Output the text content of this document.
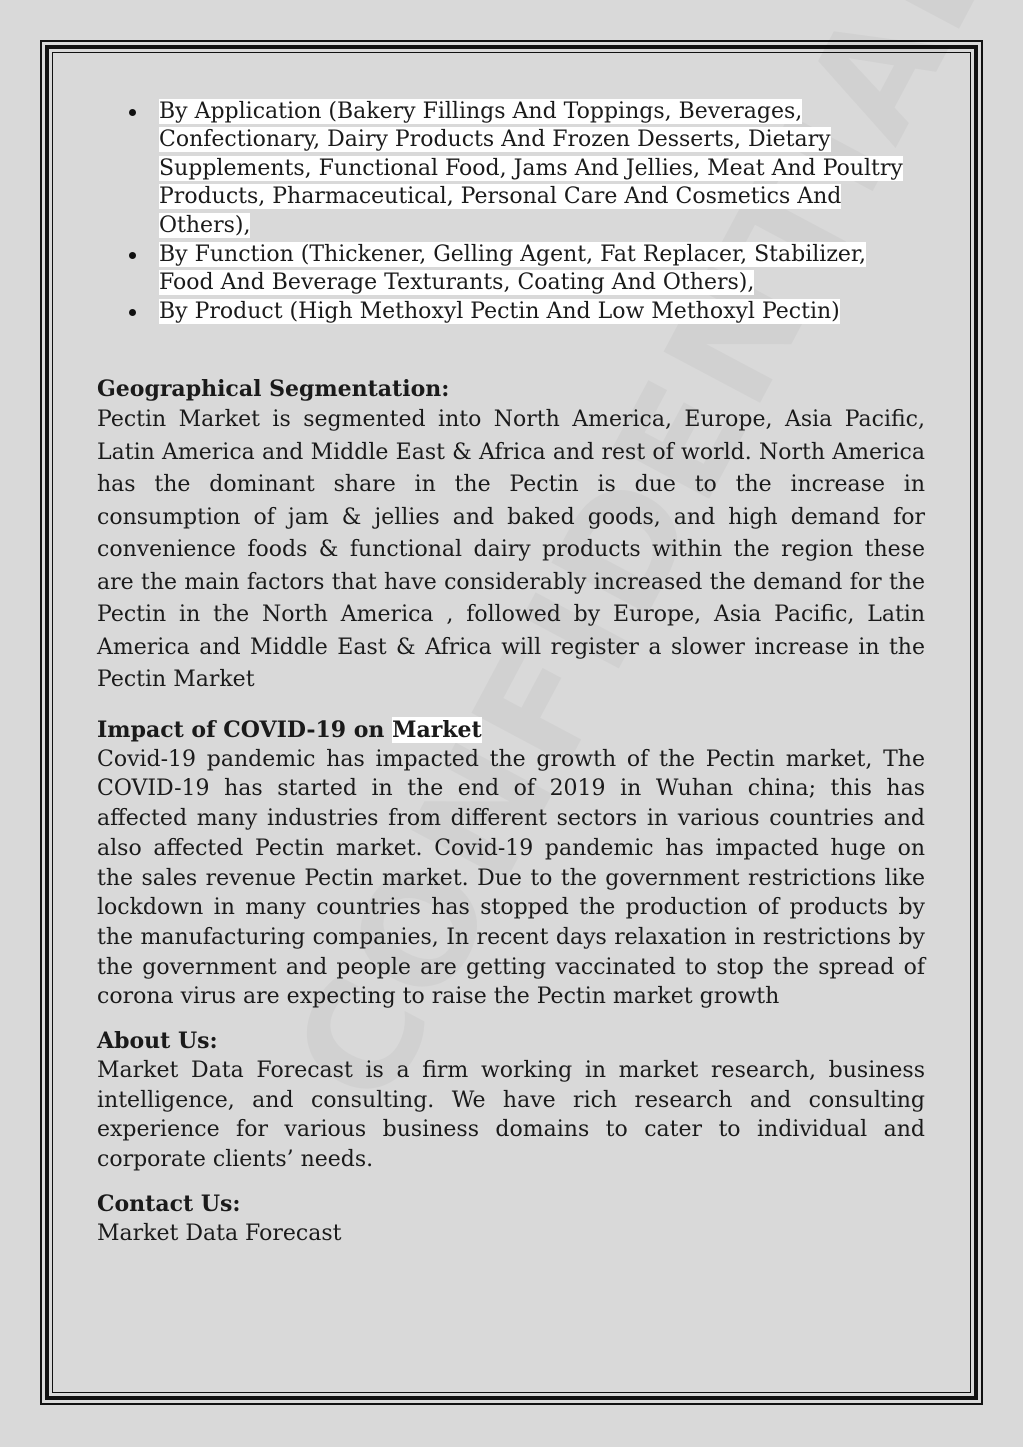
By Application (Bakery Fillings And Toppings, Beverages, Confectionary, Dairy Products And Frozen Desserts, Dietary Supplements, Functional Food, Jams And Jellies, Meat And Poultry Products, Pharmaceutical, Personal Care And Cosmetics And Others),
By Function (Thickener, Gelling Agent, Fat Replacer, Stabilizer, Food And Beverage Texturants, Coating And Others),
By Product (High Methoxyl Pectin And Low Methoxyl Pectin)
Geographical Segmentation:

Pectin Market is segmented into North America, Europe, Asia Pacific, Latin America and Middle East & Africa and rest of world. North America has the dominant share in the Pectin is due to the increase in consumption of jam & jellies and baked goods, and high demand for convenience foods & functional dairy products within the region these are the main factors that have considerably increased the demand for the Pectin in the North America , followed by Europe, Asia Pacific, Latin America and Middle East & Africa will register a slower increase in the Pectin Market

Impact of COVID-19 on Market

Covid-19 pandemic has impacted the growth of the Pectin market, The COVID-19 has started in the end of 2019 in Wuhan china; this has affected many industries from different sectors in various countries and also affected Pectin market. Covid-19 pandemic has impacted huge on the sales revenue Pectin market. Due to the government restrictions like lockdown in many countries has stopped the production of products by the manufacturing companies, In recent days relaxation in restrictions by the government and people are getting vaccinated to stop the spread of corona virus are expecting to raise the Pectin market growth

About Us:

Market Data Forecast is a firm working in market research, business intelligence, and consulting. We have rich research and consulting experience for various business domains to cater to individual and corporate clients’ needs.

Contact Us:

Market Data Forecast
